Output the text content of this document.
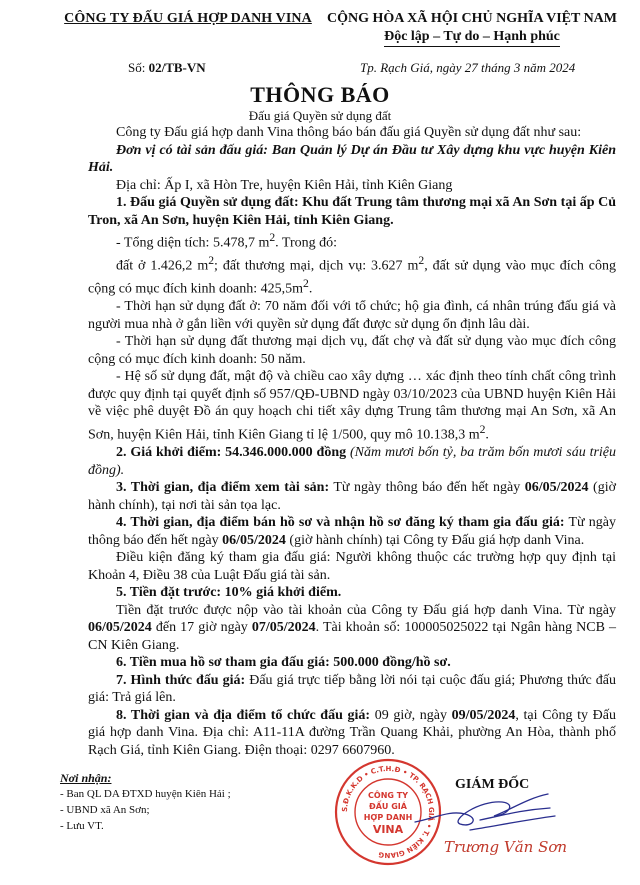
CÔNG TY ĐẤU GIÁ HỢP DANH VINA	CỘNG HÒA XÃ HỘI CHỦ NGHĨA VIỆT NAM
Độc lập – Tự do – Hạnh phúc
Số: 02/TB-VN	Tp. Rạch Giá, ngày 27 tháng 3 năm 2024
THÔNG BÁO
Đấu giá Quyền sử dụng đất

Công ty Đấu giá hợp danh Vina thông báo bán đấu giá Quyền sử dụng đất như sau:

Đơn vị có tài sản đấu giá: Ban Quản lý Dự án Đầu tư Xây dựng khu vực huyện Kiên Hải.

Địa chỉ: Ấp I, xã Hòn Tre, huyện Kiên Hải, tỉnh Kiên Giang

1. Đấu giá Quyền sử dụng đất: Khu đất Trung tâm thương mại xã An Sơn tại ấp Củ Tron, xã An Sơn, huyện Kiên Hải, tỉnh Kiên Giang.

- Tổng diện tích: 5.478,7 $m^2$. Trong đó:

đất ở 1.426,2 $m^2$; đất thương mại, dịch vụ: 3.627 $m^2$, đất sử dụng vào mục đích công cộng có mục đích kinh doanh: $425,5m^2$.

- Thời hạn sử dụng đất ở: 70 năm đối với tổ chức; hộ gia đình, cá nhân trúng đấu giá và người mua nhà ở gắn liền với quyền sử dụng đất được sử dụng ổn định lâu dài.

- Thời hạn sử dụng đất thương mại dịch vụ, đất chợ và đất sử dụng vào mục đích công cộng có mục đích kinh doanh: 50 năm.

- Hệ số sử dụng đất, mật độ và chiều cao xây dựng … xác định theo tính chất công trình được quy định tại quyết định số 957/QĐ-UBND ngày 03/10/2023 của UBND huyện Kiên Hải về việc phê duyệt Đồ án quy hoạch chi tiết xây dựng Trung tâm thương mại An Sơn, xã An Sơn, huyện Kiên Hải, tỉnh Kiên Giang tỉ lệ 1/500, quy mô 10.138,3 $m^2$.

2. Giá khởi điểm: 54.346.000.000 đồng (Năm mươi bốn tỷ, ba trăm bốn mươi sáu triệu đồng).

3. Thời gian, địa điểm xem tài sản: Từ ngày thông báo đến hết ngày 06/05/2024 (giờ hành chính), tại nơi tài sản tọa lạc.

4. Thời gian, địa điểm bán hồ sơ và nhận hồ sơ đăng ký tham gia đấu giá: Từ ngày thông báo đến hết ngày 06/05/2024 (giờ hành chính) tại Công ty Đấu giá hợp danh Vina.

Điều kiện đăng ký tham gia đấu giá: Người không thuộc các trường hợp quy định tại Khoản 4, Điều 38 của Luật Đấu giá tài sản.

5. Tiền đặt trước: 10% giá khởi điểm.

Tiền đặt trước được nộp vào tài khoản của Công ty Đấu giá hợp danh Vina. Từ ngày 06/05/2024 đến 17 giờ ngày 07/05/2024. Tài khoản số: 100005025022 tại Ngân hàng NCB – CN Kiên Giang.

6. Tiền mua hồ sơ tham gia đấu giá: 500.000 đồng/hồ sơ.

7. Hình thức đấu giá: Đấu giá trực tiếp bằng lời nói tại cuộc đấu giá; Phương thức đấu giá: Trả giá lên.

8. Thời gian và địa điểm tổ chức đấu giá: 09 giờ, ngày 09/05/2024, tại Công ty Đấu giá hợp danh Vina. Địa chỉ: A11-11A đường Trần Quang Khải, phường An Hòa, thành phố Rạch Giá, tỉnh Kiên Giang. Điện thoại: 0297 6607960.

Nơi nhận:
- Ban QL DA ĐTXD huyện Kiên Hải ;
- UBND xã An Sơn;
- Lưu VT.
S.Đ.K.K.D • C.T.H.Đ • TP. RẠCH GIÁ • T. KIÊN GIANG
CÔNG TY
ĐẤU GIÁ
HỢP DANH
VINA
GIÁM ĐỐC
Trương Văn Sơn
